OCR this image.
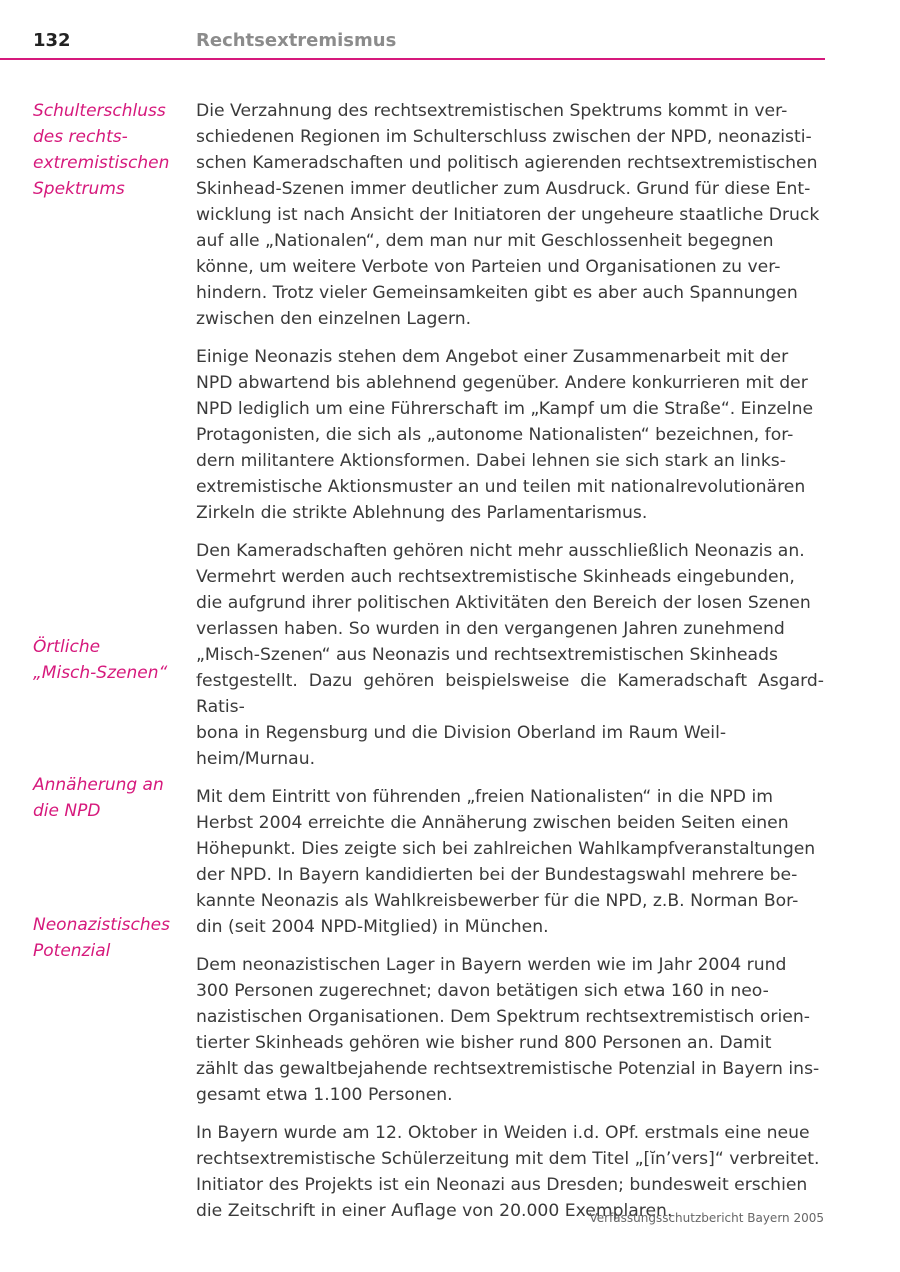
132	Rechtsextremismus
Schulterschluss
des rechts-
extremistischen
Spektrums
Örtliche
„Misch-Szenen“
Annäherung an
die NPD
Neonazistisches
Potenzial

Die Verzahnung des rechtsextremistischen Spektrums kommt in ver-
schiedenen Regionen im Schulterschluss zwischen der NPD, neonazisti-
schen Kameradschaften und politisch agierenden rechtsextremistischen
Skinhead-Szenen immer deutlicher zum Ausdruck. Grund für diese Ent-
wicklung ist nach Ansicht der Initiatoren der ungeheure staatliche Druck
auf alle „Nationalen“, dem man nur mit Geschlossenheit begegnen
könne, um weitere Verbote von Parteien und Organisationen zu ver-
hindern. Trotz vieler Gemeinsamkeiten gibt es aber auch Spannungen
zwischen den einzelnen Lagern.

Einige Neonazis stehen dem Angebot einer Zusammenarbeit mit der
NPD abwartend bis ablehnend gegenüber. Andere konkurrieren mit der
NPD lediglich um eine Führerschaft im „Kampf um die Straße“. Einzelne
Protagonisten, die sich als „autonome Nationalisten“ bezeichnen, for-
dern militantere Aktionsformen. Dabei lehnen sie sich stark an links-
extremistische Aktionsmuster an und teilen mit nationalrevolutionären
Zirkeln die strikte Ablehnung des Parlamentarismus.

Den Kameradschaften gehören nicht mehr ausschließlich Neonazis an.
Vermehrt werden auch rechtsextremistische Skinheads eingebunden,
die aufgrund ihrer politischen Aktivitäten den Bereich der losen Szenen
verlassen haben. So wurden in den vergangenen Jahren zunehmend
„Misch-Szenen“ aus Neonazis und rechtsextremistischen Skinheads
festgestellt. Dazu gehören beispielsweise die Kameradschaft Asgard-Ratis-
bona in Regensburg und die Division Oberland im Raum Weil-
heim/Murnau.

Mit dem Eintritt von führenden „freien Nationalisten“ in die NPD im
Herbst 2004 erreichte die Annäherung zwischen beiden Seiten einen
Höhepunkt. Dies zeigte sich bei zahlreichen Wahlkampfveranstaltungen
der NPD. In Bayern kandidierten bei der Bundestagswahl mehrere be-
kannte Neonazis als Wahlkreisbewerber für die NPD, z.B. Norman Bor-
din (seit 2004 NPD-Mitglied) in München.

Dem neonazistischen Lager in Bayern werden wie im Jahr 2004 rund
300 Personen zugerechnet; davon betätigen sich etwa 160 in neo-
nazistischen Organisationen. Dem Spektrum rechtsextremistisch orien-
tierter Skinheads gehören wie bisher rund 800 Personen an. Damit
zählt das gewaltbejahende rechtsextremistische Potenzial in Bayern ins-
gesamt etwa 1.100 Personen.

In Bayern wurde am 12. Oktober in Weiden i.d. OPf. erstmals eine neue
rechtsextremistische Schülerzeitung mit dem Titel „[ĭn’vers]“ verbreitet.
Initiator des Projekts ist ein Neonazi aus Dresden; bundesweit erschien
die Zeitschrift in einer Auflage von 20.000 Exemplaren.

Verfassungsschutzbericht Bayern 2005
